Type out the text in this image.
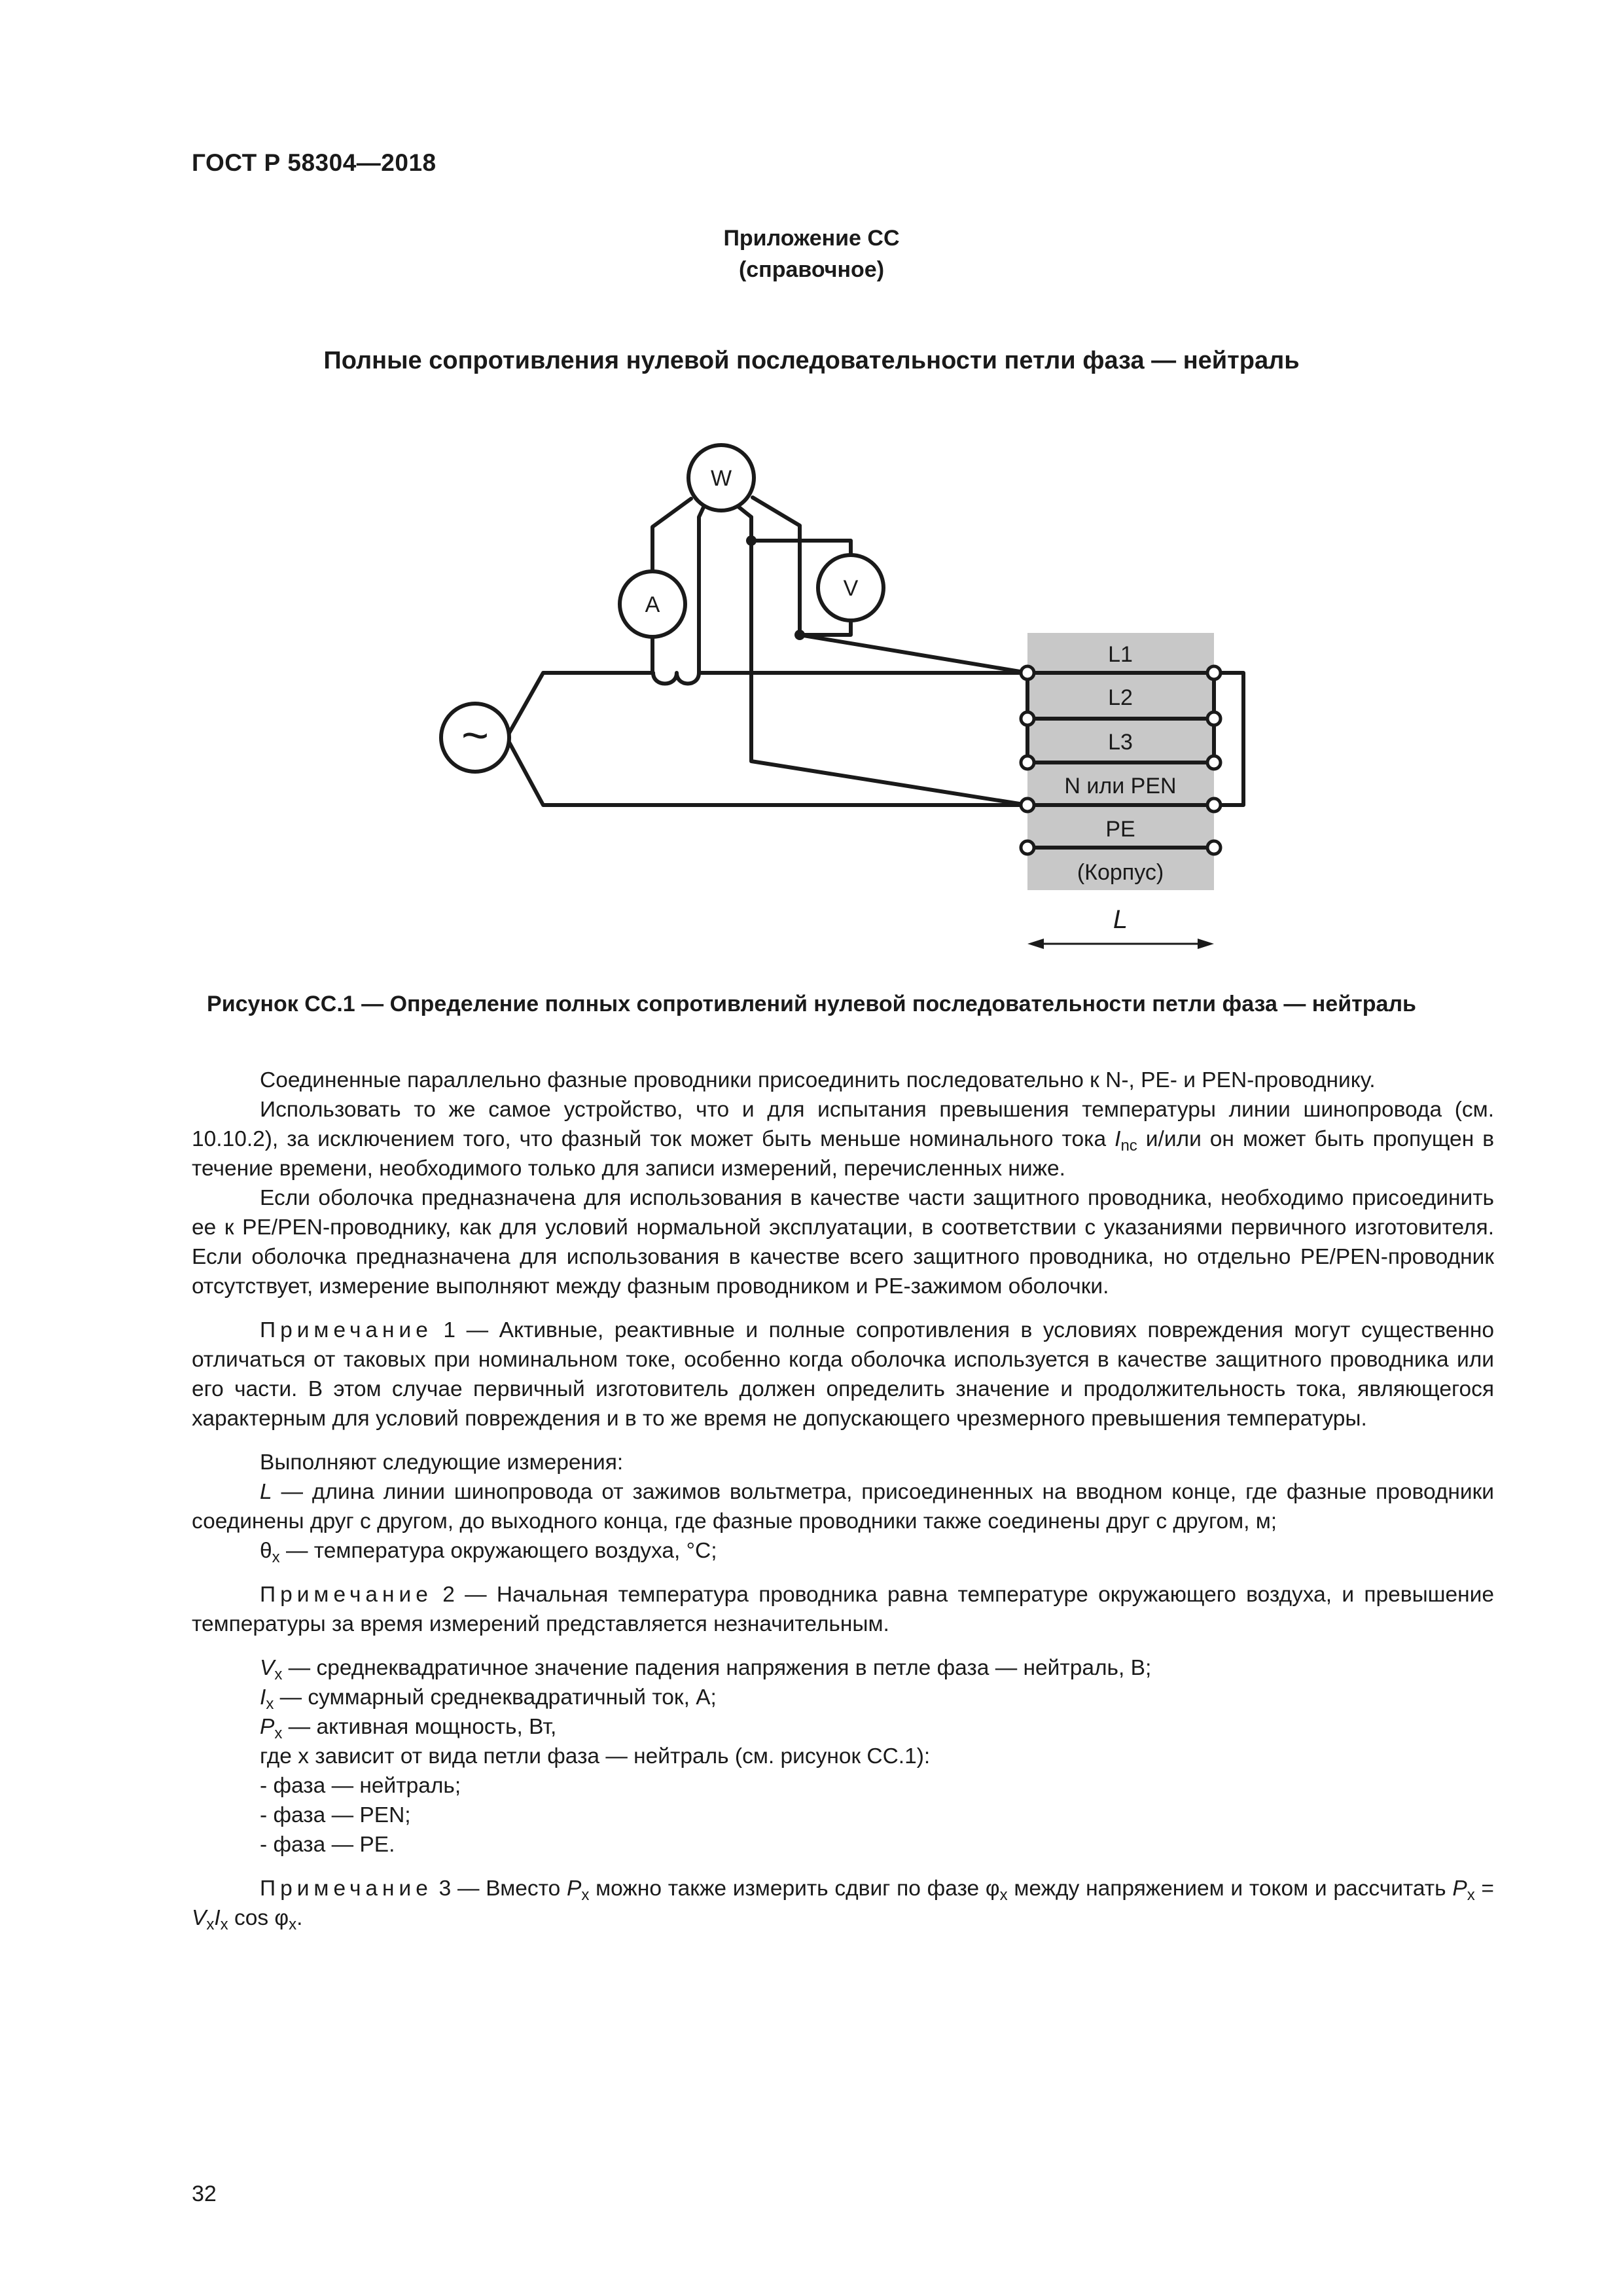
ГОСТ Р 58304—2018
Приложение СС
(справочное)
Полные сопротивления нулевой последовательности петли фаза — нейтраль
W
A
V
~
L1
L2
L3
N или PEN
PE
(Корпус)
L
Рисунок СС.1 — Определение полных сопротивлений нулевой последовательности петли фаза — нейтраль

Соединенные параллельно фазные проводники присоединить последовательно к N-, PE- и PEN-проводнику.

Использовать то же самое устройство, что и для испытания превышения температуры линии шинопровода (см. 10.10.2), за исключением того, что фазный ток может быть меньше номинального тока $I_{nc}$ и/или он может быть пропущен в течение времени, необходимого только для записи измерений, перечисленных ниже.

Если оболочка предназначена для использования в качестве части защитного проводника, необходимо присоединить ее к PE/PEN-проводнику, как для условий нормальной эксплуатации, в соответствии с указаниями первичного изготовителя. Если оболочка предназначена для использования в качестве всего защитного проводника, но отдельно PE/PEN-проводник отсутствует, измерение выполняют между фазным проводником и PE-зажимом оболочки.

Примечание 1 — Активные, реактивные и полные сопротивления в условиях повреждения могут существенно отличаться от таковых при номинальном токе, особенно когда оболочка используется в качестве защитного проводника или его части. В этом случае первичный изготовитель должен определить значение и продолжительность тока, являющегося характерным для условий повреждения и в то же время не допускающего чрезмерного превышения температуры.

Выполняют следующие измерения:

L — длина линии шинопровода от зажимов вольтметра, присоединенных на вводном конце, где фазные проводники соединены друг с другом, до выходного конца, где фазные проводники также соединены друг с другом, м;

$\theta_x$ — температура окружающего воздуха, °С;

Примечание 2 — Начальная температура проводника равна температуре окружающего воздуха, и превышение температуры за время измерений представляется незначительным.

$V_x$ — среднеквадратичное значение падения напряжения в петле фаза — нейтраль, В;

$I_x$ — суммарный среднеквадратичный ток, А;

$P_x$ — активная мощность, Вт,

где x зависит от вида петли фаза — нейтраль (см. рисунок СС.1):

- фаза — нейтраль;

- фаза — PEN;

- фаза — PE.

Примечание 3 — Вместо $P_x$ можно также измерить сдвиг по фазе $\varphi_x$ между напряжением и током и рассчитать $P_x = V_xI_x$ $\cos \varphi_x$.

32
